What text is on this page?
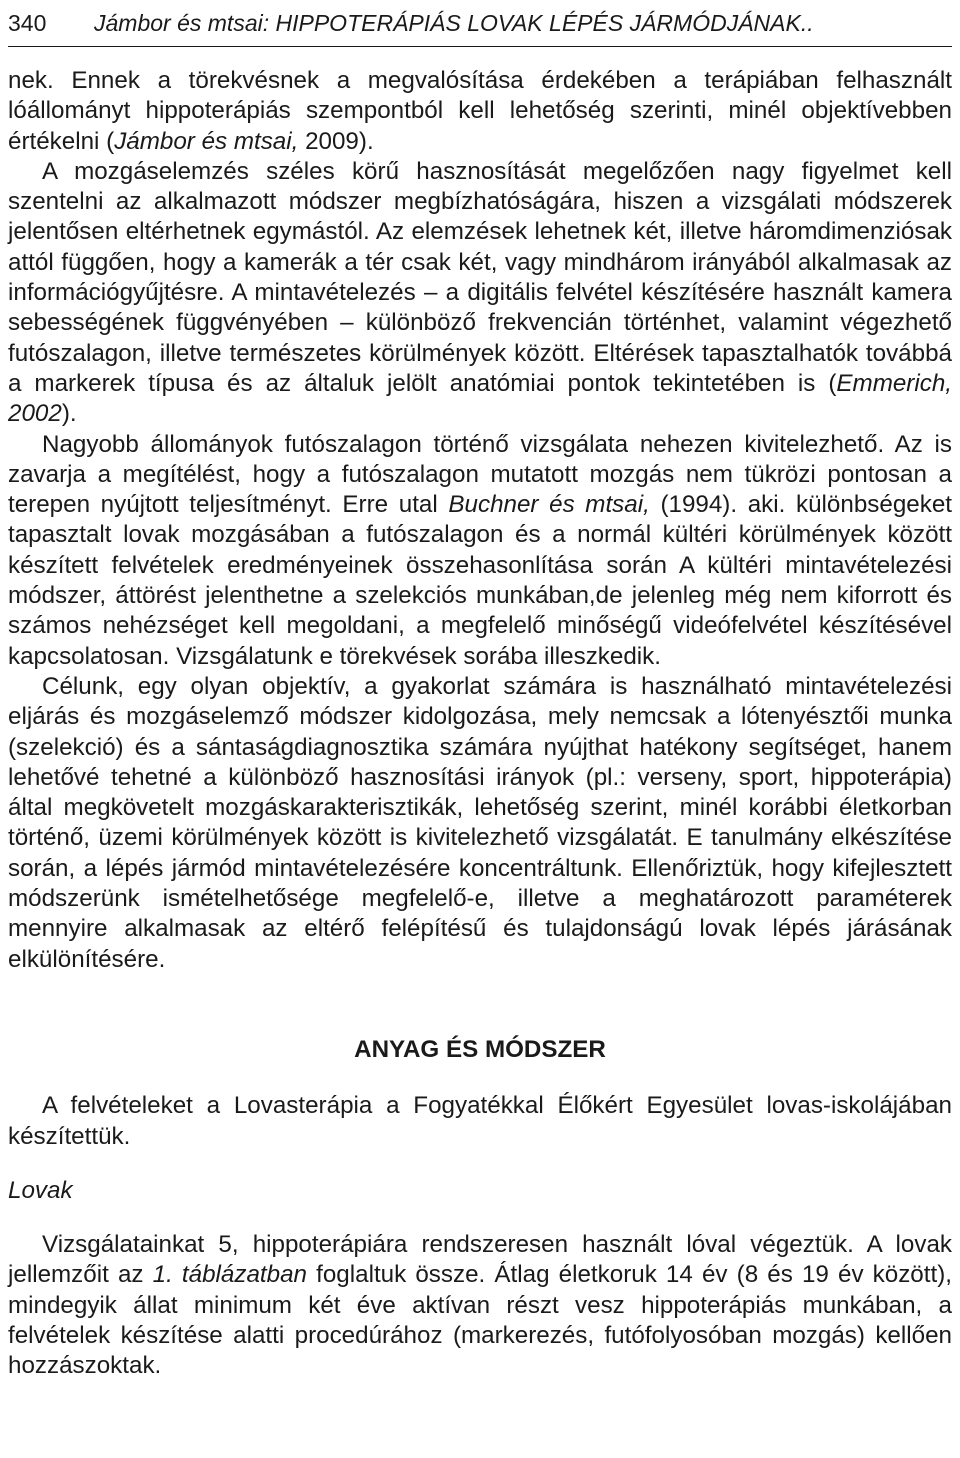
340 Jámbor és mtsai: HIPPOTERÁPIÁS LOVAK LÉPÉS JÁRMÓDJÁNAK..

nek. Ennek a törekvésnek a megvalósítása érdekében a terápiában felhasznált lóállományt hippoterápiás szempontból kell lehetőség szerinti, minél objektívebben értékelni (Jámbor és mtsai, 2009).

A mozgáselemzés széles körű hasznosítását megelőzően nagy figyelmet kell szentelni az alkalmazott módszer megbízhatóságára, hiszen a vizsgálati módszerek jelentősen eltérhetnek egymástól. Az elemzések lehetnek két, illetve háromdimenziósak attól függően, hogy a kamerák a tér csak két, vagy mindhárom irányából alkalmasak az információgyűjtésre. A mintavételezés – a digitális felvétel készítésére használt kamera sebességének függvényében – különböző frekvencián történhet, valamint végezhető futószalagon, illetve természetes körülmények között. Eltérések tapasztalhatók továbbá a markerek típusa és az általuk jelölt anatómiai pontok tekintetében is (Emmerich, 2002).

Nagyobb állományok futószalagon történő vizsgálata nehezen kivitelezhető. Az is zavarja a megítélést, hogy a futószalagon mutatott mozgás nem tükrözi pontosan a terepen nyújtott teljesítményt. Erre utal Buchner és mtsai, (1994). aki. különbségeket tapasztalt lovak mozgásában a futószalagon és a normál kültéri körülmények között készített felvételek eredményeinek összehasonlítása során A kültéri mintavételezési módszer, áttörést jelenthetne a szelekciós munkában,de jelenleg még nem kiforrott és számos nehézséget kell megoldani, a megfelelő minőségű videófelvétel készítésével kapcsolatosan. Vizsgálatunk e törekvések sorába illeszkedik.

Célunk, egy olyan objektív, a gyakorlat számára is használható mintavételezési eljárás és mozgáselemző módszer kidolgozása, mely nemcsak a lótenyésztői munka (szelekció) és a sántaságdiagnosztika számára nyújthat hatékony segítséget, hanem lehetővé tehetné a különböző hasznosítási irányok (pl.: verseny, sport, hippoterápia) által megkövetelt mozgáskarakterisztikák, lehetőség szerint, minél korábbi életkorban történő, üzemi körülmények között is kivitelezhető vizsgálatát. E tanulmány elkészítése során, a lépés jármód mintavételezésére koncentráltunk. Ellenőriztük, hogy kifejlesztett módszerünk ismételhetősége megfelelő-e, illetve a meghatározott paraméterek mennyire alkalmasak az eltérő felépítésű és tulajdonságú lovak lépés járásának elkülönítésére.

ANYAG ÉS MÓDSZER

A felvételeket a Lovasterápia a Fogyatékkal Élőkért Egyesület lovas-iskolájában készítettük.

Lovak

Vizsgálatainkat 5, hippoterápiára rendszeresen használt lóval végeztük. A lovak jellemzőit az 1. táblázatban foglaltuk össze. Átlag életkoruk 14 év (8 és 19 év között), mindegyik állat minimum két éve aktívan részt vesz hippoterápiás munkában, a felvételek készítése alatti procedúrához (markerezés, futófolyosóban mozgás) kellően hozzászoktak.
